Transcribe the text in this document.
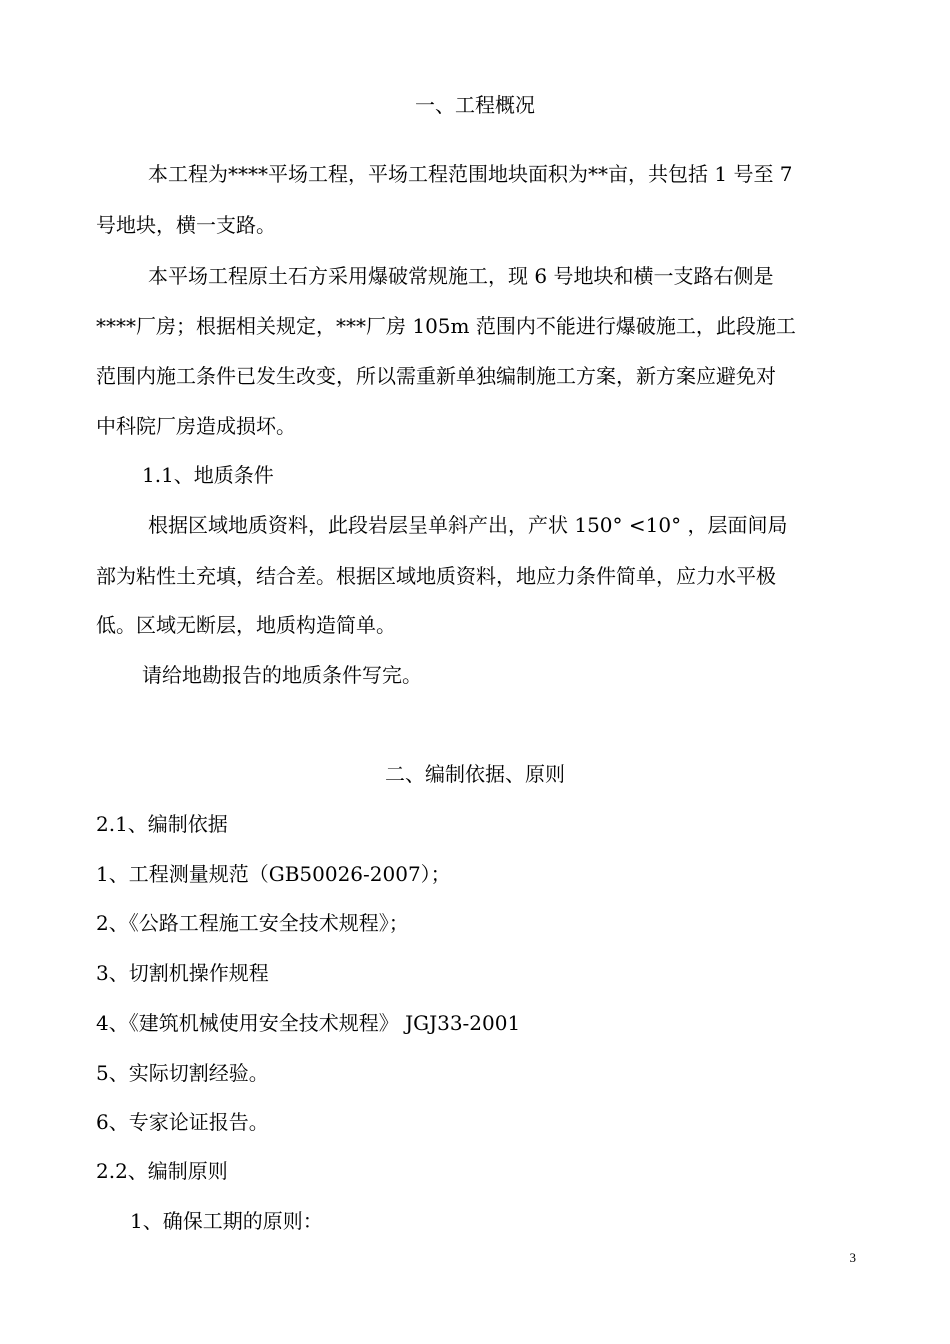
一、工程概况
本工程为****平场工程，平场工程范围地块面积为**亩，共包括 1 号至 7
号地块，横一支路。
本平场工程原土石方采用爆破常规施工，现 6 号地块和横一支路右侧是
****厂房；根据相关规定，***厂房 105m 范围内不能进行爆破施工，此段施工
范围内施工条件已发生改变，所以需重新单独编制施工方案，新方案应避免对
中科院厂房造成损坏。
1.1、地质条件
根据区域地质资料，此段岩层呈单斜产出，产状 150° <10° ，层面间局
部为粘性土充填，结合差。根据区域地质资料，地应力条件简单，应力水平极
低。区域无断层，地质构造简单。
请给地勘报告的地质条件写完。
二、编制依据、原则
2.1、编制依据
1、工程测量规范（GB50026-2007）；
2、《公路工程施工安全技术规程》；
3、切割机操作规程
4、《建筑机械使用安全技术规程》 JGJ33-2001
5、实际切割经验。
6、专家论证报告。
2.2、编制原则
1、确保工期的原则：
3
